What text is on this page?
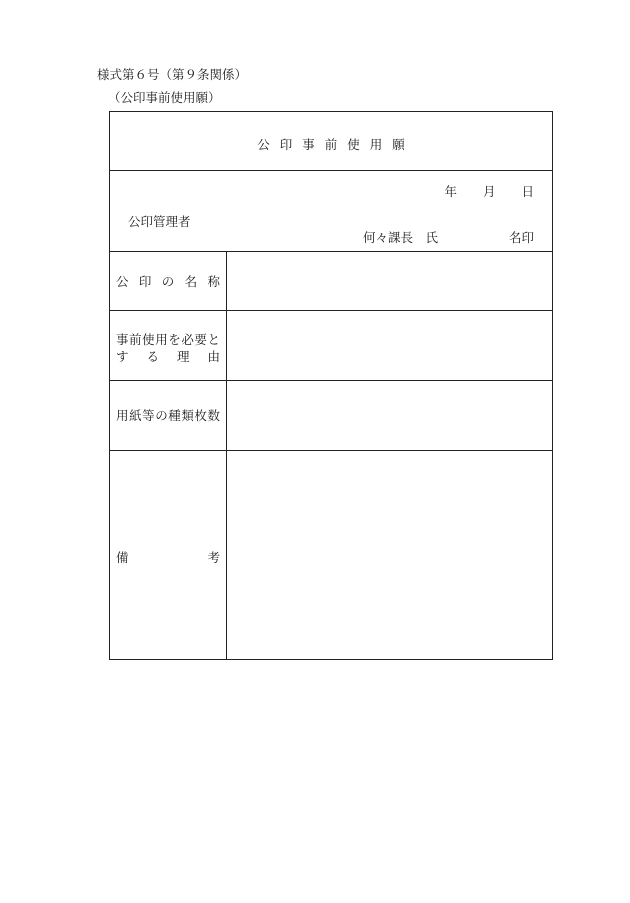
様式第６号（第９条関係）
（公印事前使用願）
公印事前使用願
年 月 日
公印管理者
何々課長　氏	名印
公 印 の 名 称
事 前 使 用 を 必 要 と
す る 理 由
用 紙 等 の 種 類 枚 数
備	考
